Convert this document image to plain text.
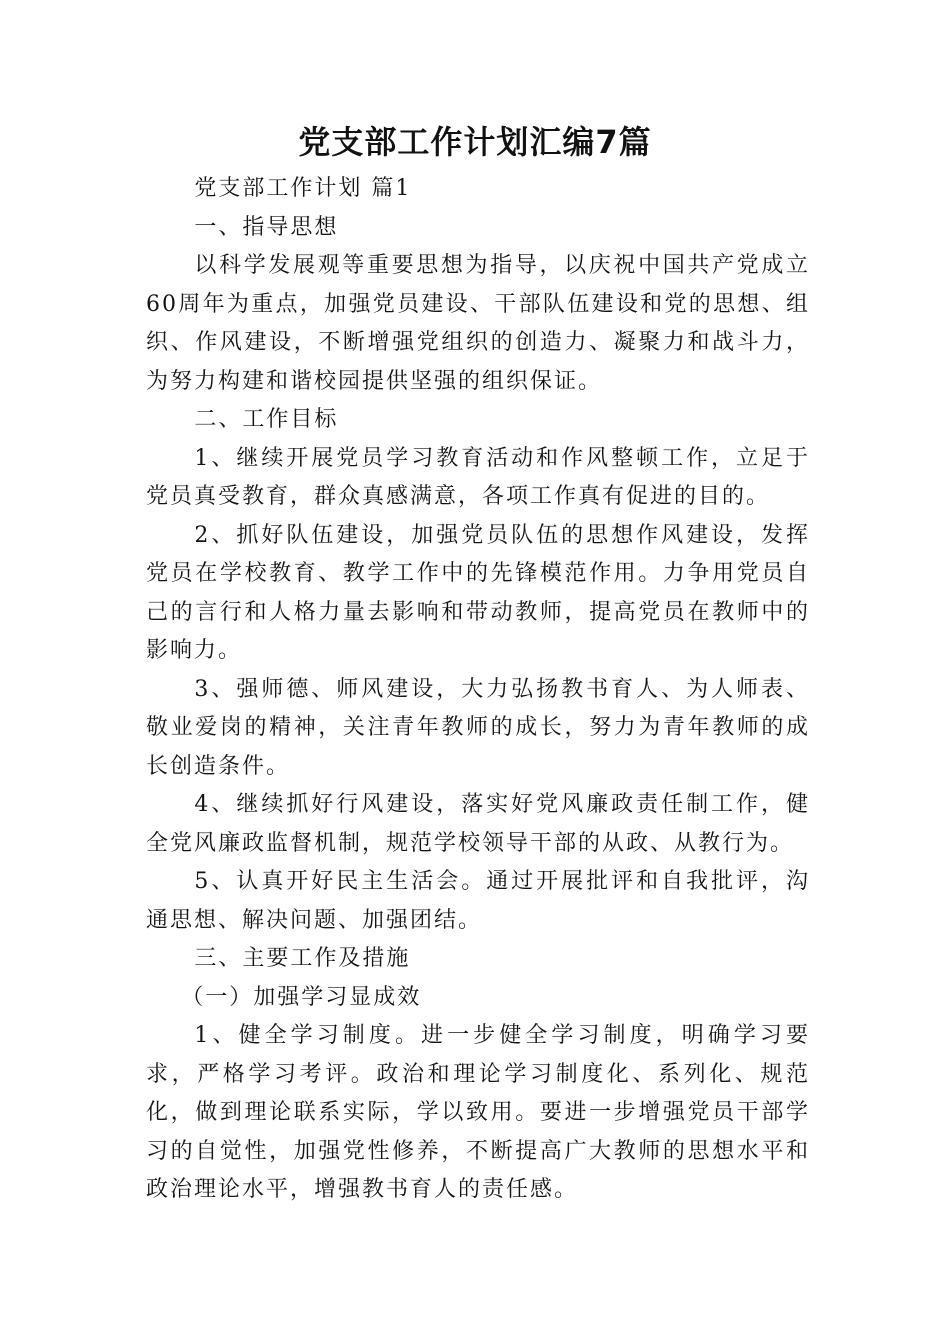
党支部工作计划汇编7篇

党支部工作计划 篇1

一、指导思想

以科学发展观等重要思想为指导，以庆祝中国共产党成立60周年为重点，加强党员建设、干部队伍建设和党的思想、组织、作风建设，不断增强党组织的创造力、凝聚力和战斗力，为努力构建和谐校园提供坚强的组织保证。

二、工作目标

1、继续开展党员学习教育活动和作风整顿工作，立足于党员真受教育，群众真感满意，各项工作真有促进的目的。

2、抓好队伍建设，加强党员队伍的思想作风建设，发挥党员在学校教育、教学工作中的先锋模范作用。力争用党员自己的言行和人格力量去影响和带动教师，提高党员在教师中的影响力。

3、强师德、师风建设，大力弘扬教书育人、为人师表、敬业爱岗的精神，关注青年教师的成长，努力为青年教师的成长创造条件。

4、继续抓好行风建设，落实好党风廉政责任制工作，健全党风廉政监督机制，规范学校领导干部的从政、从教行为。

5、认真开好民主生活会。通过开展批评和自我批评，沟通思想、解决问题、加强团结。

三、主要工作及措施

（一）加强学习显成效

1、健全学习制度。进一步健全学习制度，明确学习要求，严格学习考评。政治和理论学习制度化、系列化、规范化，做到理论联系实际，学以致用。要进一步增强党员干部学习的自觉性，加强党性修养，不断提高广大教师的思想水平和政治理论水平，增强教书育人的责任感。
